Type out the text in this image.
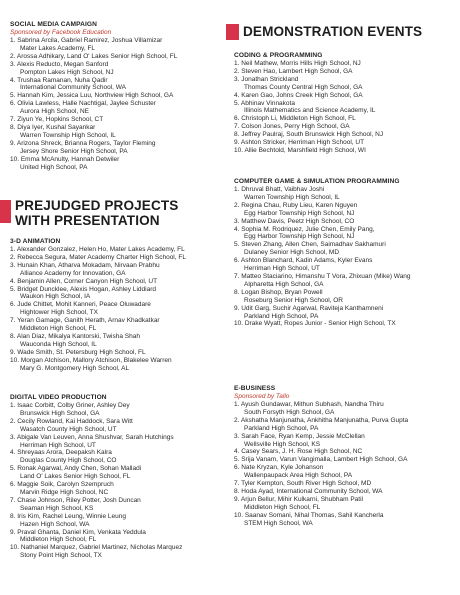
SOCIAL MEDIA CAMPAIGN
Sponsored by Facebook Education
1. Sabrina Arcila, Gabriel Ramirez, Joshua Villamizar
Mater Lakes Academy, FL
2. Arossa Adhikary, Land O' Lakes Senior High School, FL
3. Alexis Reducto, Megan Sanford
Pompton Lakes High School, NJ
4. Trushaa Ramanan, Nuha Qadir
International Community School, WA
5. Hannah Kim, Jessica Luu, Northview High School, GA
6. Olivia Lawless, Halle Nachtigal, Jaylee Schuster
Aurora High School, NE
7. Ziyun Ye, Hopkins School, CT
8. Diya Iyer, Kushal Sayankar
Warren Township High School, IL
9. Arizona Shreck, Brianna Rogers, Taylor Fleming
Jersey Shore Senior High School, PA
10. Emma McAnulty, Hannah Detwiler
United High School, PA
PREJUDGED PROJECTS
WITH PRESENTATION
3-D ANIMATION
1. Alexander Gonzalez, Helen Ho, Mater Lakes Academy, FL
2. Rebecca Segura, Mater Academy Charter High School, FL
3. Hunain Khan, Atharva Mokadam, Nirvaan Prabhu
Alliance Academy for Innovation, GA
4. Benjamin Allen, Corner Canyon High School, UT
5. Bridget Duncklee, Alexis Hogan, Ashley Liddiard
Waukon High School, IA
6. Jude Chittet, Mohit Kanneri, Peace Oluwadare
Hightower High School, TX
7. Yeran Gamage, Ganith Herath, Arnav Khadkatkar
Middleton High School, FL
8. Alan Diaz, Mikalya Kantorski, Twisha Shah
Wauconda High School, IL
9. Wade Smith, St. Petersburg High School, FL
10. Morgan Atchison, Mallory Atchison, Blakelee Warren
Mary G. Montgomery High School, AL
DIGITAL VIDEO PRODUCTION
1. Isaac Corbitt, Colby Griner, Ashley Dey
Brunswick High School, GA
2. Cecily Rowland, Kai Haddock, Sara Witt
Wasatch County High School, UT
3. Abigale Van Leuven, Anna Shushvar, Sarah Hutchings
Herriman High School, UT
4. Shreyaas Arora, Deepaksh Kalra
Douglas County High School, CO
5. Ronak Agarwal, Andy Chen, Sohan Malladi
Land O' Lakes Senior High School, FL
6. Maggie Soik, Carolyn Szempruch
Marvin Ridge High School, NC
7. Chase Johnson, Riley Potter, Josh Duncan
Seaman High School, KS
8. Iris Kim, Rachel Leung, Winnie Leung
Hazen High School, WA
9. Praval Ghanta, Daniel Kim, Venkata Yeddula
Middleton High School, FL
10. Nathaniel Marquez, Gabriel Martinez, Nicholas Marquez
Stony Point High School, TX
DEMONSTRATION EVENTS
CODING & PROGRAMMING
1. Neil Mathew, Morris Hills High School, NJ
2. Steven Hao, Lambert High School, GA
3. Jonathan Strickland
Thomas County Central High School, GA
4. Karen Gao, Johns Creek High School, GA
5. Abhinav Vinnakota
Illinois Mathematics and Science Academy, IL
6. Christoph Li, Middleton High School, FL
7. Colson Jones, Perry High School, GA
8. Jeffrey Paulraj, South Brunswick High School, NJ
9. Ashton Stricker, Herriman High School, UT
10. Allie Bechtold, Marshfield High School, WI
COMPUTER GAME & SIMULATION PROGRAMMING
1. Dhruval Bhatt, Vaibhav Joshi
Warren Township High School, IL
2. Regina Chau, Ruby Lieu, Karen Nguyen
Egg Harbor Township High School, NJ
3. Matthew Davis, Peetz High School, CO
4. Sophia M. Rodriquez, Julie Chen, Emily Pang,
Egg Harbor Township High School, NJ
5. Steven Zhang, Allen Chen, Saimadhav Sakhamuri
Dulaney Senior High School, MD
6. Ashton Blanchard, Kadin Adams, Kyler Evans
Herriman High School, UT
7. Matteo Staciarino, Himanshu T Vora, Zhixuan (Mike) Wang
Alpharetta High School, GA
8. Logan Bishop, Bryan Powell
Roseburg Senior High School, OR
9. Udit Garg, Suchir Agarwal, Raviteja Kanthamneni
Parkland High School, PA
10. Drake Wyatt, Ropes Junior - Senior High School, TX
E-BUSINESS
Sponsored by Tallo
1. Ayush Gundawar, Mithun Subhash, Nandha Thiru
South Forsyth High School, GA
2. Akshatha Manjunatha, Ankhitha Manjunatha, Purva Gupta
Parkland High School, PA
3. Sarah Face, Ryan Kemp, Jessie McClellan
Wellsville High School, KS
4. Casey Sears, J. H. Rose High School, NC
5. Srija Vanam, Varun Vangimalla, Lambert High School, GA
6. Nate Kryzan, Kyle Johanson
Wallenpaupack Area High School, PA
7. Tyler Kempton, South River High School, MD
8. Hoda Ayad, International Community School, WA
9. Arjun Bellur, Mihir Kulkarni, Shubham Patil
Middleton High School, FL
10. Saanav Somani, Nihal Thomas, Sahil Kancherla
STEM High School, WA
